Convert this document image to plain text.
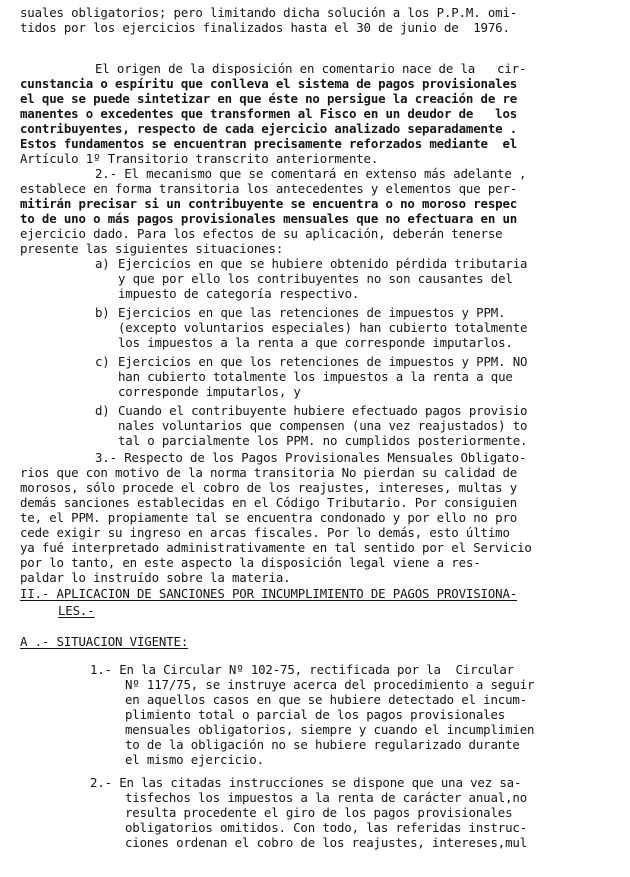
suales obligatorios; pero limitando dicha solución a los P.P.M. omi-
tidos por los ejercicios finalizados hasta el 30 de junio de  1976.
El origen de la disposición en comentario nace de la   cir-
cunstancia o espíritu que conlleva el sistema de pagos provisionales
el que se puede sintetizar en que éste no persigue la creación de re
manentes o excedentes que transformen al Fisco en un deudor de   los
contribuyentes, respecto de cada ejercicio analizado separadamente .
Estos fundamentos se encuentran precisamente reforzados mediante  el
Artículo 1º Transitorio transcrito anteriormente.
2.- El mecanismo que se comentará en extenso más adelante ,
establece en forma transitoria los antecedentes y elementos que per-
mitirán precisar si un contribuyente se encuentra o no moroso respec
to de uno o más pagos provisionales mensuales que no efectuara en un
ejercicio dado. Para los efectos de su aplicación, deberán tenerse
presente las siguientes situaciones:
a) Ejercicios en que se hubiere obtenido pérdida tributaria
y que por ello los contribuyentes no son causantes del
impuesto de categoría respectivo.
b) Ejercicios en que las retenciones de impuestos y PPM.
(excepto voluntarios especiales) han cubierto totalmente
los impuestos a la renta a que corresponde imputarlos.
c) Ejercicios en que los retenciones de impuestos y PPM. NO
han cubierto totalmente los impuestos a la renta a que
corresponde imputarlos, y
d) Cuando el contribuyente hubiere efectuado pagos provisio
nales voluntarios que compensen (una vez reajustados) to
tal o parcialmente los PPM. no cumplidos posteriormente.
3.- Respecto de los Pagos Provisionales Mensuales Obligato-
rios que con motivo de la norma transitoria No pierdan su calidad de
morosos, sólo procede el cobro de los reajustes, intereses, multas y
demás sanciones establecidas en el Código Tributario. Por consiguien
te, el PPM. propiamente tal se encuentra condonado y por ello no pro
cede exigir su ingreso en arcas fiscales. Por lo demás, esto último
ya fué interpretado administrativamente en tal sentido por el Servicio
por lo tanto, en este aspecto la disposición legal viene a res-
paldar lo instruído sobre la materia.
II.- APLICACION DE SANCIONES POR INCUMPLIMIENTO DE PAGOS PROVISIONA-
LES.-
A .- SITUACION VIGENTE:
1.- En la Circular Nº 102-75, rectificada por la  Circular
Nº 117/75, se instruye acerca del procedimiento a seguir
en aquellos casos en que se hubiere detectado el incum-
plimiento total o parcial de los pagos provisionales
mensuales obligatorios, siempre y cuando el incumplimien
to de la obligación no se hubiere regularizado durante
el mismo ejercicio.
2.- En las citadas instrucciones se dispone que una vez sa-
tisfechos los impuestos a la renta de carácter anual,no
resulta procedente el giro de los pagos provisionales
obligatorios omitidos. Con todo, las referidas instruc-
ciones ordenan el cobro de los reajustes, intereses,mul
